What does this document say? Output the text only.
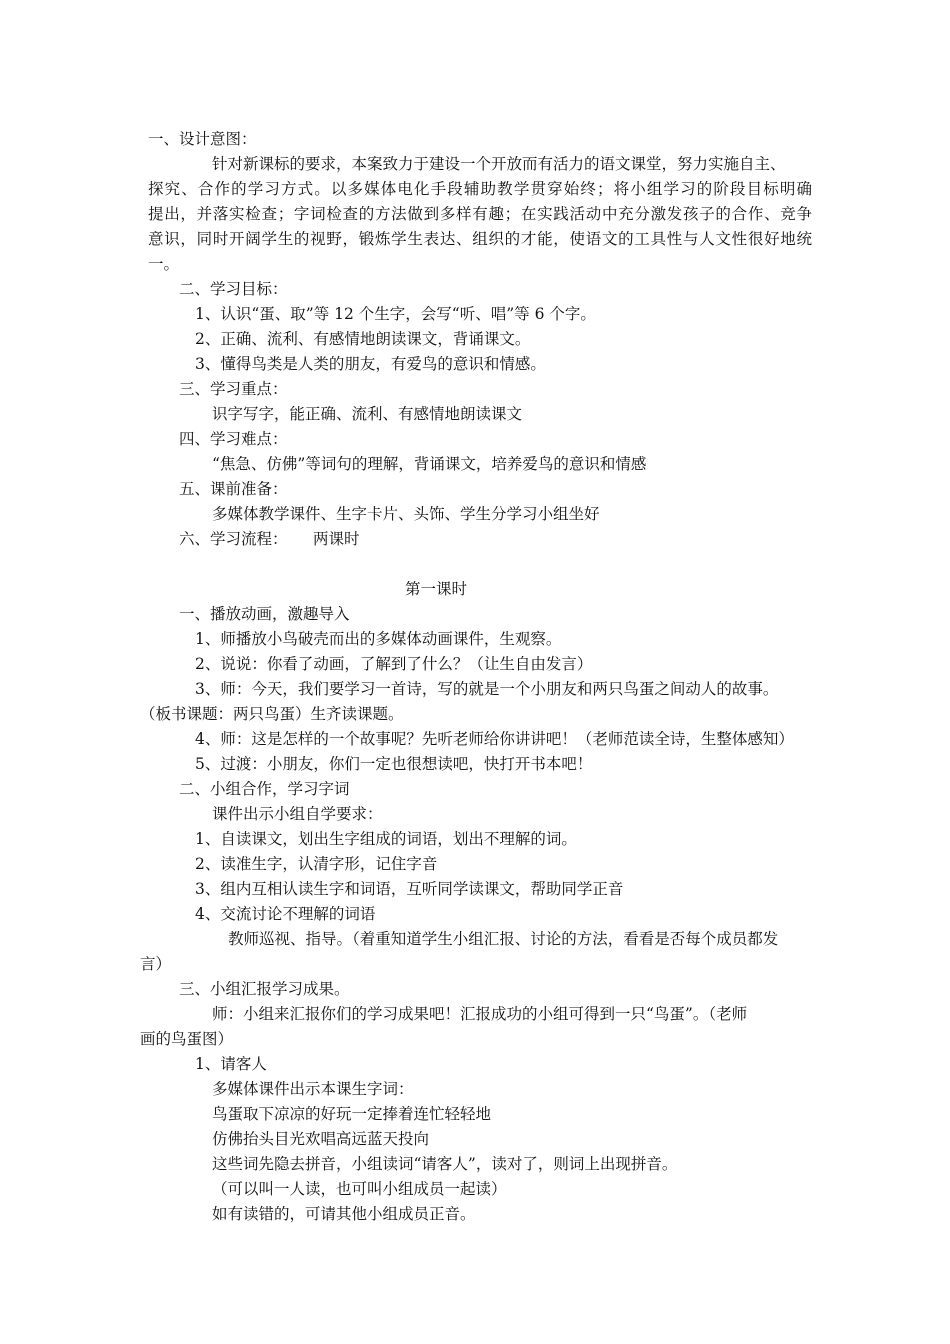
一、设计意图：
针对新课标的要求，本案致力于建设一个开放而有活力的语文课堂，努力实施自主、
探究、合作的学习方式。以多媒体电化手段辅助教学贯穿始终；将小组学习的阶段目标明确
提出，并落实检查；字词检查的方法做到多样有趣；在实践活动中充分激发孩子的合作、竞争
意识，同时开阔学生的视野，锻炼学生表达、组织的才能，使语文的工具性与人文性很好地统
一。
二、学习目标：
1、认识“蛋、取”等 12 个生字，会写“听、唱”等 6 个字。
2、正确、流利、有感情地朗读课文，背诵课文。
3、懂得鸟类是人类的朋友，有爱鸟的意识和情感。
三、学习重点：
识字写字，能正确、流利、有感情地朗读课文
四、学习难点：
“焦急、仿佛”等词句的理解，背诵课文，培养爱鸟的意识和情感
五、课前准备：
多媒体教学课件、生字卡片、头饰、学生分学习小组坐好
六、学习流程： 两课时
第一课时
一、播放动画，激趣导入
1、师播放小鸟破壳而出的多媒体动画课件，生观察。
2、说说：你看了动画，了解到了什么？（让生自由发言）
3、师：今天，我们要学习一首诗，写的就是一个小朋友和两只鸟蛋之间动人的故事。
（板书课题：两只鸟蛋）生齐读课题。
4、师：这是怎样的一个故事呢？先听老师给你讲讲吧！（老师范读全诗，生整体感知）
5、过渡：小朋友，你们一定也很想读吧，快打开书本吧！
二、小组合作，学习字词
课件出示小组自学要求：
1、自读课文，划出生字组成的词语，划出不理解的词。
2、读准生字，认清字形，记住字音
3、组内互相认读生字和词语，互听同学读课文，帮助同学正音
4、交流讨论不理解的词语
教师巡视、指导。（着重知道学生小组汇报、讨论的方法，看看是否每个成员都发
言）
三、小组汇报学习成果。
师：小组来汇报你们的学习成果吧！汇报成功的小组可得到一只“鸟蛋”。（老师
画的鸟蛋图）
1、请客人
多媒体课件出示本课生字词：
鸟蛋取下凉凉的好玩一定捧着连忙轻轻地
仿佛抬头目光欢唱高远蓝天投向
这些词先隐去拼音，小组读词“请客人”，读对了，则词上出现拼音。
（可以叫一人读，也可叫小组成员一起读）
如有读错的，可请其他小组成员正音。
